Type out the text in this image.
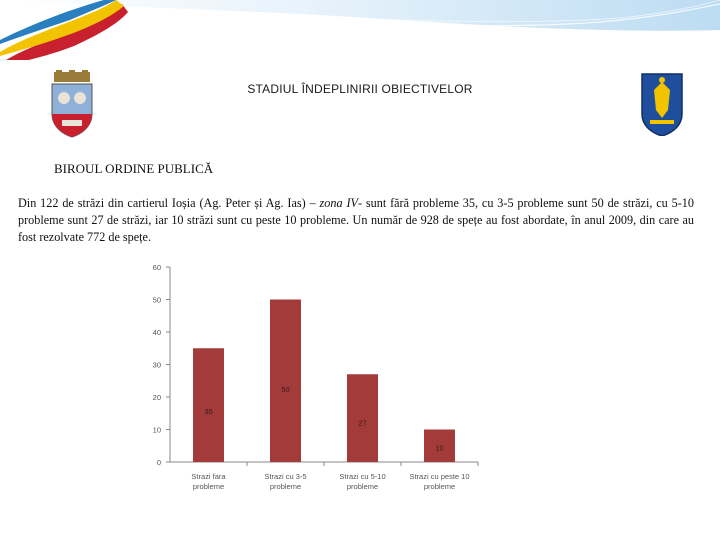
STADIUL ÎNDEPLINIRII OBIECTIVELOR
BIROUL ORDINE PUBLICĂ
Din 122 de străzi din cartierul Ioșia (Ag. Peter și Ag. Ias) – zona IV- sunt fără probleme 35, cu 3-5 probleme sunt 50 de străzi, cu 5-10 probleme sunt 27 de străzi, iar 10 străzi sunt cu peste 10 probleme. Un număr de 928 de spețe au fost abordate, în anul 2009, din care au fost rezolvate 772 de spețe.
0
10
20
30
40
50
60
35
Strazi fara
probleme
50
Strazi cu 3-5
probleme
27
Strazi cu 5-10
probleme
10
Strazi cu peste 10
probleme
